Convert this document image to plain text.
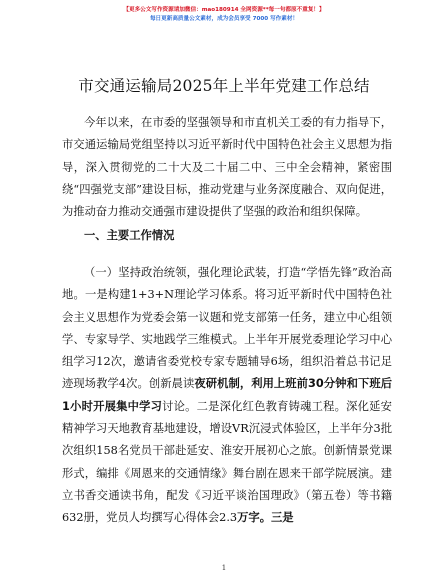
【更多公文写作资源请加微信：mao180914 全网资源**每一句都原不重复！】
每日更新高质量公文素材，成为会员享受 7000 写作素材！
市交通运输局2025年上半年党建工作总结

今年以来，在市委的坚强领导和市直机关工委的有力指导下，市交通运输局党组坚持以习近平新时代中国特色社会主义思想为指导，深入贯彻党的二十大及二十届二中、三中全会精神，紧密围绕“四强党支部”建设目标，推动党建与业务深度融合、双向促进，为推动奋力推动交通强市建设提供了坚强的政治和组织保障。

一、主要工作情况

（一）坚持政治统领，强化理论武装，打造“学悟先锋”政治高地。一是构建1+3+N理论学习体系。将习近平新时代中国特色社会主义思想作为党委会第一议题和党支部第一任务，建立中心组领学、专家导学、实地践学三维模式。上半年开展党委理论学习中心组学习12次，邀请省委党校专家专题辅导6场，组织沿着总书记足迹现场教学4次。创新晨读夜研机制，利用上班前30分钟和下班后1小时开展集中学习讨论。二是深化红色教育铸魂工程。深化延安精神学习天地教育基地建设，增设VR沉浸式体验区，上半年分3批次组织158名党员干部赴延安、淮安开展初心之旅。创新情景党课形式，编排《周恩来的交通情缘》舞台剧在恩来干部学院展演。建立书香交通读书角，配发《习近平谈治国理政》（第五卷）等书籍632册，党员人均撰写心得体会2.3万字。三是

1
